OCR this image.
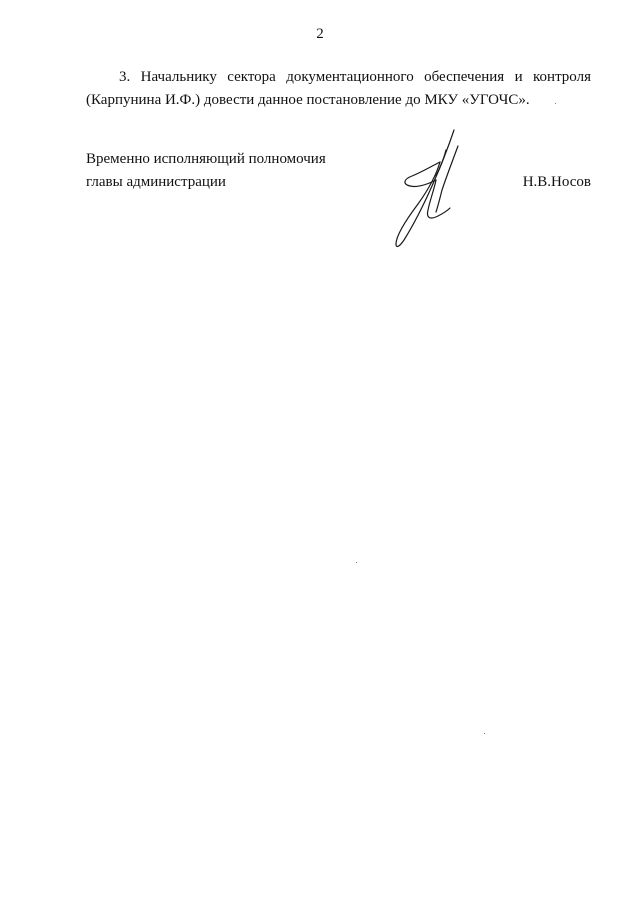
2
3. Начальнику сектора документационного обеспечения и контроля
(Карпунина И.Ф.) довести данное постановление до МКУ «УГОЧС».
Временно исполняющий полномочия
главы администрации	Н.В.Носов
